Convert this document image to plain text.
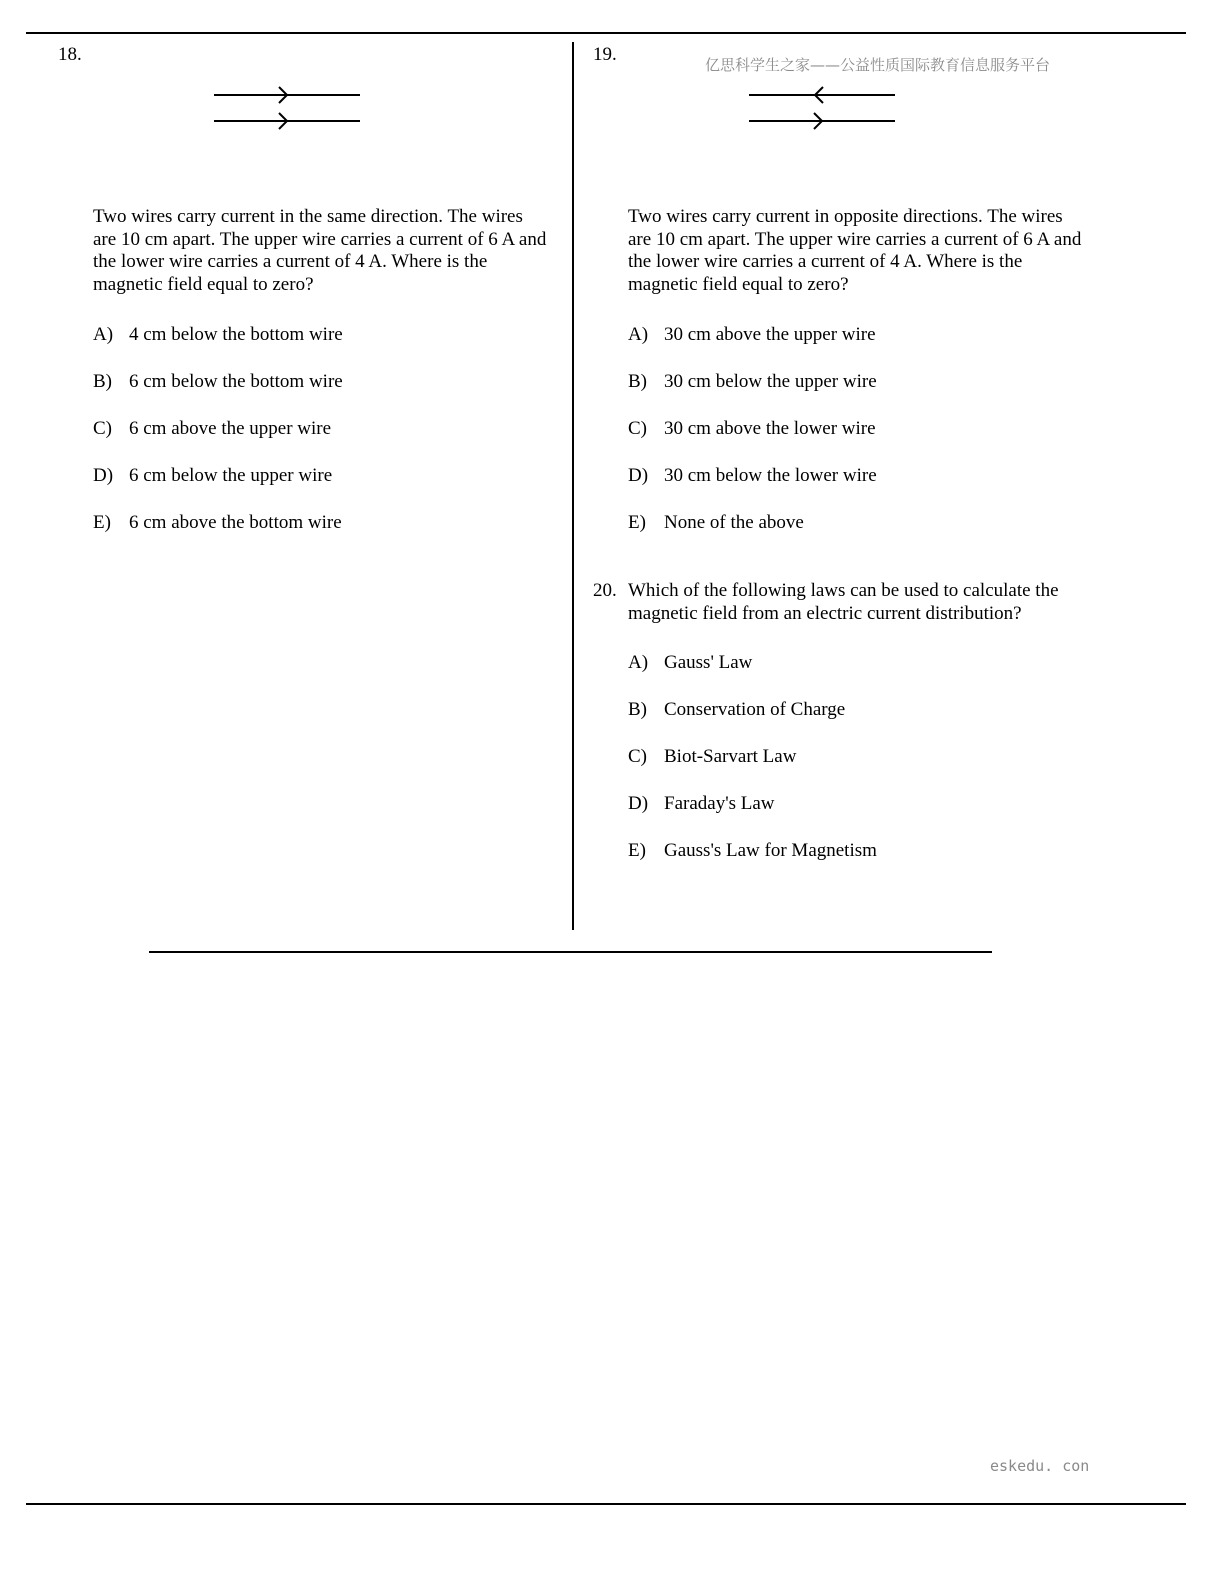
亿思科学生之家——公益性质国际教育信息服务平台
18.
Two wires carry current in the same direction. The wires are 10 cm apart. The upper wire carries a current of 6 A and the lower wire carries a current of 4 A. Where is the magnetic field equal to zero?
A) 4 cm below the bottom wire
B) 6 cm below the bottom wire
C) 6 cm above the upper wire
D) 6 cm below the upper wire
E) 6 cm above the bottom wire
19.
Two wires carry current in opposite directions. The wires are 10 cm apart. The upper wire carries a current of 6 A and the lower wire carries a current of 4 A. Where is the magnetic field equal to zero?
A) 30 cm above the upper wire
B) 30 cm below the upper wire
C) 30 cm above the lower wire
D) 30 cm below the lower wire
E) None of the above
20. Which of the following laws can be used to calculate the magnetic field from an electric current distribution?
A) Gauss' Law
B) Conservation of Charge
C) Biot-Sarvart Law
D) Faraday's Law
E) Gauss's Law for Magnetism
eskedu. con
